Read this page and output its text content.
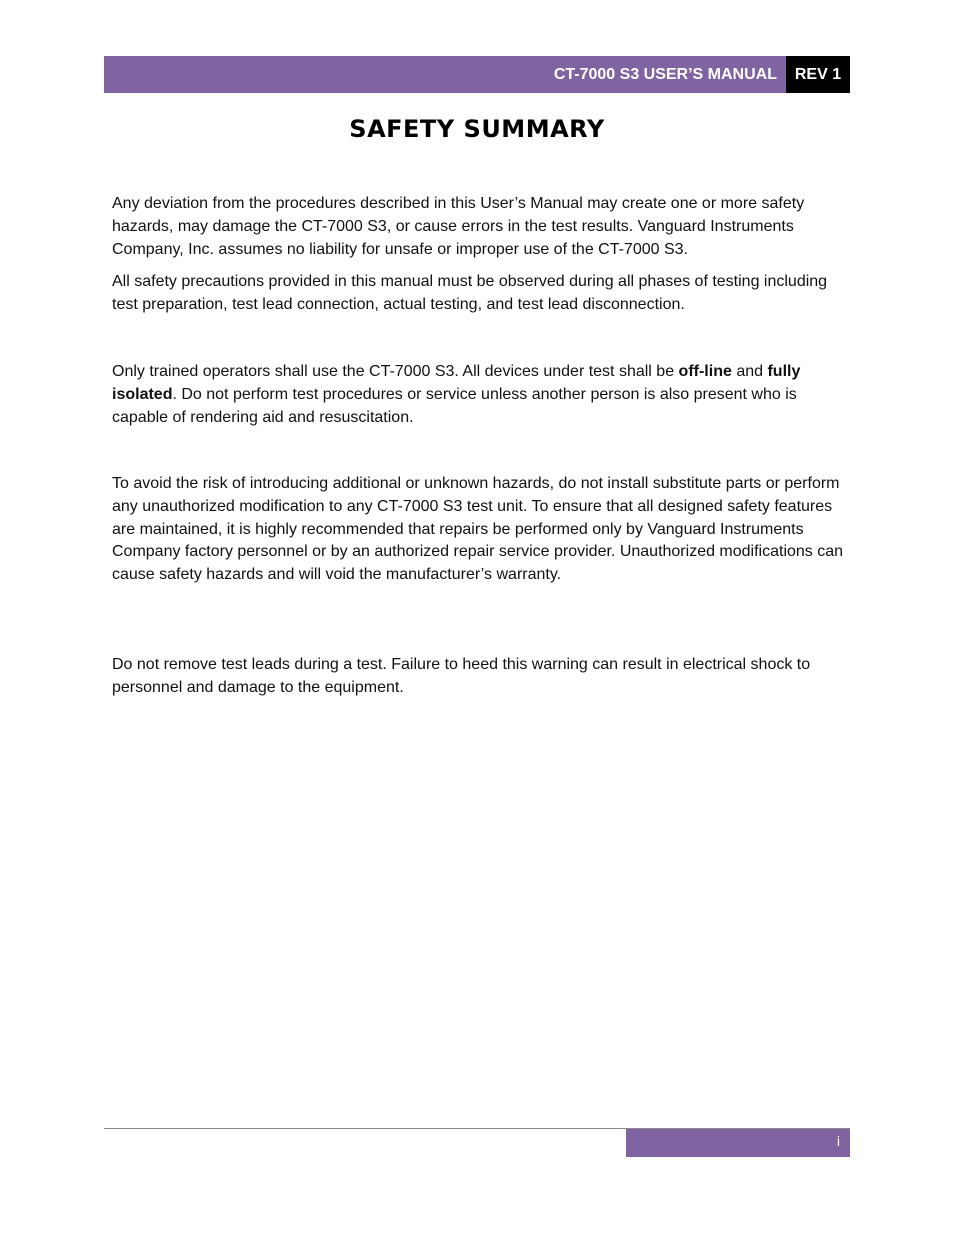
CT-7000 S3 USER’S MANUAL	REV 1
SAFETY SUMMARY

Any deviation from the procedures described in this User’s Manual may create one or more safety hazards, may damage the CT-7000 S3, or cause errors in the test results. Vanguard Instruments Company, Inc. assumes no liability for unsafe or improper use of the CT-7000 S3.

All safety precautions provided in this manual must be observed during all phases of testing including test preparation, test lead connection, actual testing, and test lead disconnection.

Only trained operators shall use the CT-7000 S3. All devices under test shall be off-line and fully isolated. Do not perform test procedures or service unless another person is also present who is capable of rendering aid and resuscitation.

To avoid the risk of introducing additional or unknown hazards, do not install substitute parts or perform any unauthorized modification to any CT-7000 S3 test unit. To ensure that all designed safety features are maintained, it is highly recommended that repairs be performed only by Vanguard Instruments Company factory personnel or by an authorized repair service provider. Unauthorized modifications can cause safety hazards and will void the manufacturer’s warranty.

Do not remove test leads during a test. Failure to heed this warning can result in electrical shock to personnel and damage to the equipment.

i
